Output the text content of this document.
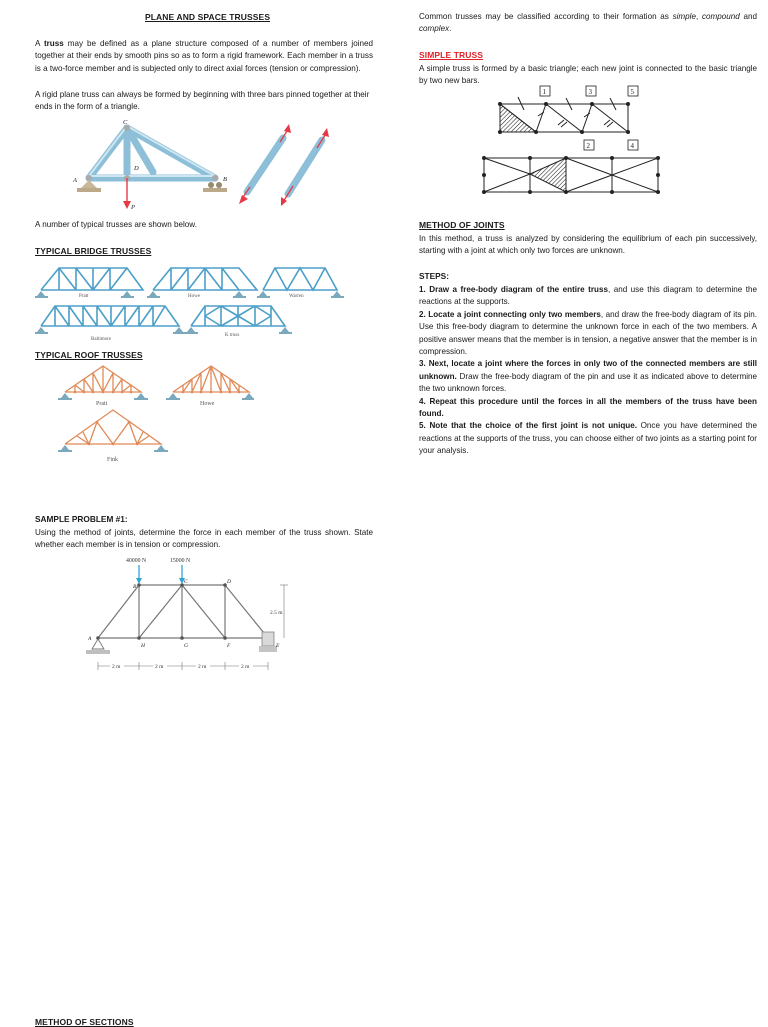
PLANE AND SPACE TRUSSES
A truss may be defined as a plane structure composed of a number of members joined together at their ends by smooth pins so as to form a rigid framework. Each member in a truss is a two-force member and is subjected only to direct axial forces (tension or compression).
A rigid plane truss can always be formed by beginning with three bars pinned together at their ends in the form of a triangle.
C
D
A	B
P
A number of typical trusses are shown below.
TYPICAL BRIDGE TRUSSES
Pratt	Howe	Warren
Baltimore
K truss
TYPICAL ROOF TRUSSES
Pratt	Howe
Fink
SAMPLE PROBLEM #1:
Using the method of joints, determine the force in each member of the truss shown. State whether each member is in tension or compression.
40000 N	15000 N
2.5 m
2 m	2 m	2 m	2 m
A
B
C	D
E
F
G
H
METHOD OF SECTIONS
Common trusses may be classified according to their formation as simple, compound and complex.
SIMPLE TRUSS
A simple truss is formed by a basic triangle; each new joint is connected to the basic triangle by two new bars.
1	3	5
2	4
METHOD OF JOINTS
In this method, a truss is analyzed by considering the equilibrium of each pin successively, starting with a joint at which only two forces are unknown.
STEPS:
1. Draw a free-body diagram of the entire truss, and use this diagram to determine the reactions at the supports.
2. Locate a joint connecting only two members, and draw the free-body diagram of its pin. Use this free-body diagram to determine the unknown force in each of the two members. A positive answer means that the member is in tension, a negative answer that the member is in compression.
3. Next, locate a joint where the forces in only two of the connected members are still unknown. Draw the free-body diagram of the pin and use it as indicated above to determine the two unknown forces.
4. Repeat this procedure until the forces in all the members of the truss have been found.
5. Note that the choice of the first joint is not unique. Once you have determined the reactions at the supports of the truss, you can choose either of two joints as a starting point for your analysis.
